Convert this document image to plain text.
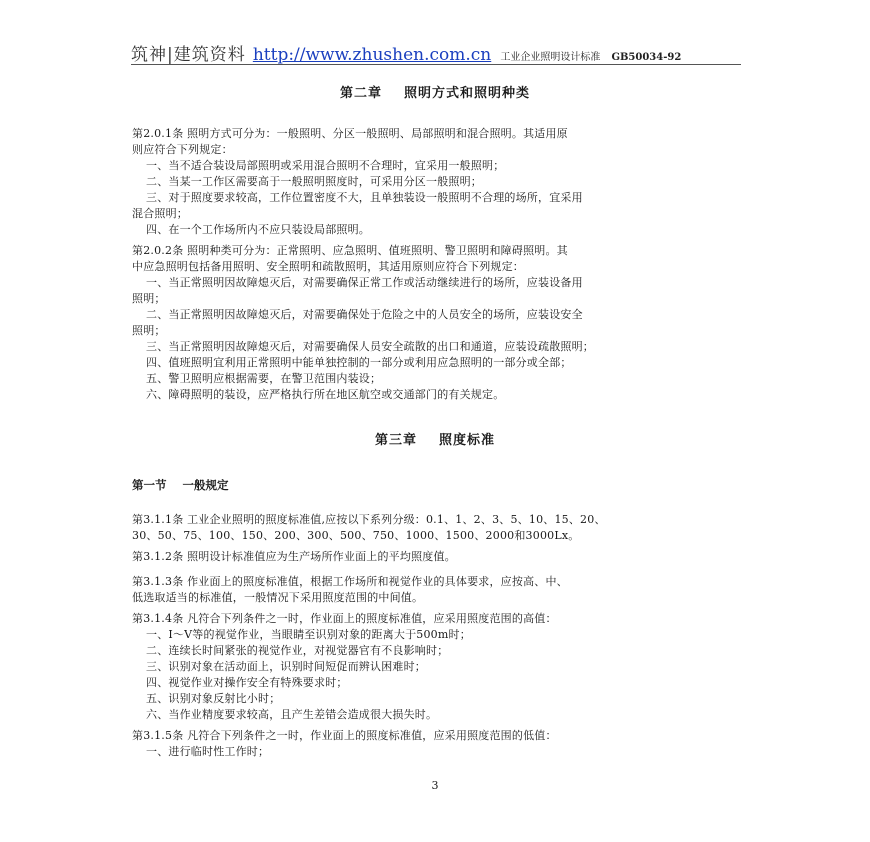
筑神|建筑资料 http://www.zhushen.com.cn 工业企业照明设计标准 GB50034-92
第二章    照明方式和照明种类
第2.0.1条 照明方式可分为：一般照明、分区一般照明、局部照明和混合照明。其适用原
则应符合下列规定：
一、当不适合装设局部照明或采用混合照明不合理时，宜采用一般照明；
二、当某一工作区需要高于一般照明照度时，可采用分区一般照明；
三、对于照度要求较高，工作位置密度不大，且单独装设一般照明不合理的场所，宜采用
混合照明；
四、在一个工作场所内不应只装设局部照明。
第2.0.2条 照明种类可分为：正常照明、应急照明、值班照明、警卫照明和障碍照明。其
中应急照明包括备用照明、安全照明和疏散照明，其适用原则应符合下列规定：
一、当正常照明因故障熄灭后，对需要确保正常工作或活动继续进行的场所，应装设备用
照明；
二、当正常照明因故障熄灭后，对需要确保处于危险之中的人员安全的场所，应装设安全
照明；
三、当正常照明因故障熄灭后，对需要确保人员安全疏散的出口和通道，应装设疏散照明；
四、值班照明宜利用正常照明中能单独控制的一部分或利用应急照明的一部分或全部；
五、警卫照明应根据需要，在警卫范围内装设；
六、障碍照明的装设，应严格执行所在地区航空或交通部门的有关规定。
第三章    照度标准
第一节    一般规定
第3.1.1条 工业企业照明的照度标准值,应按以下系列分级：0.1、1、2、3、5、10、15、20、
30、50、75、100、150、200、300、500、750、1000、1500、2000和3000Lx。
第3.1.2条 照明设计标准值应为生产场所作业面上的平均照度值。
第3.1.3条 作业面上的照度标准值，根据工作场所和视觉作业的具体要求，应按高、中、
低选取适当的标准值，一般情况下采用照度范围的中间值。
第3.1.4条 凡符合下列条件之一时，作业面上的照度标准值，应采用照度范围的高值：
一、Ⅰ～Ⅴ等的视觉作业，当眼睛至识别对象的距离大于500m时；
二、连续长时间紧张的视觉作业，对视觉器官有不良影响时；
三、识别对象在活动面上，识别时间短促而辨认困难时；
四、视觉作业对操作安全有特殊要求时；
五、识别对象反射比小时；
六、当作业精度要求较高，且产生差错会造成很大损失时。
第3.1.5条 凡符合下列条件之一时，作业面上的照度标准值，应采用照度范围的低值：
一、进行临时性工作时；
3
